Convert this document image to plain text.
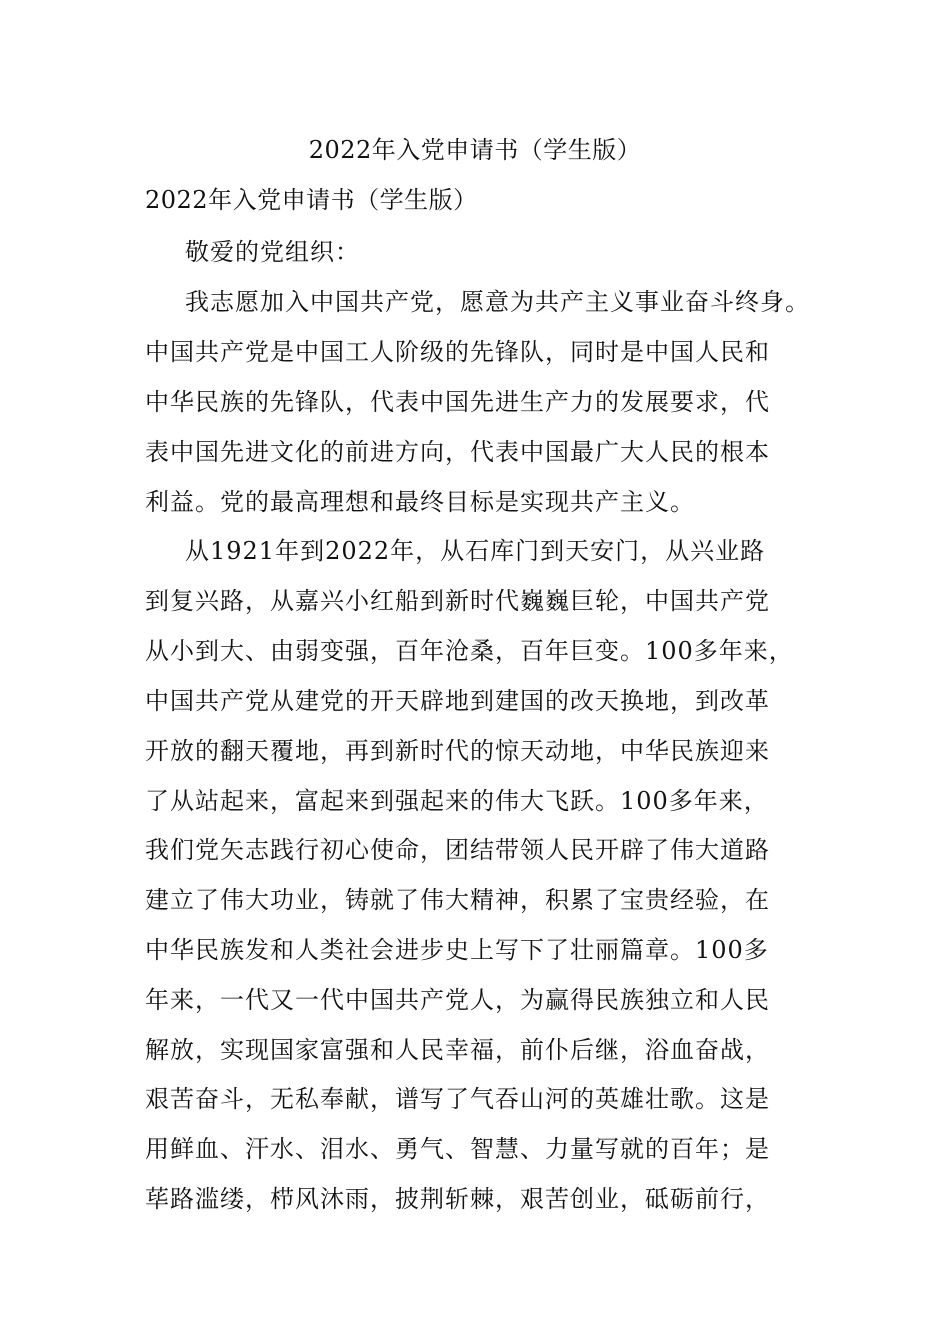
2022年入党申请书（学生版）
2022年入党申请书（学生版）
敬爱的党组织：
我志愿加入中国共产党，愿意为共产主义事业奋斗终身。
中国共产党是中国工人阶级的先锋队，同时是中国人民和
中华民族的先锋队，代表中国先进生产力的发展要求，代
表中国先进文化的前进方向，代表中国最广大人民的根本
利益。党的最高理想和最终目标是实现共产主义。
从1921年到2022年，从石库门到天安门，从兴业路
到复兴路，从嘉兴小红船到新时代巍巍巨轮，中国共产党
从小到大、由弱变强，百年沧桑，百年巨变。100多年来，
中国共产党从建党的开天辟地到建国的改天换地，到改革
开放的翻天覆地，再到新时代的惊天动地，中华民族迎来
了从站起来，富起来到强起来的伟大飞跃。100多年来，
我们党矢志践行初心使命，团结带领人民开辟了伟大道路
建立了伟大功业，铸就了伟大精神，积累了宝贵经验，在
中华民族发和人类社会进步史上写下了壮丽篇章。100多
年来，一代又一代中国共产党人，为赢得民族独立和人民
解放，实现国家富强和人民幸福，前仆后继，浴血奋战，
艰苦奋斗，无私奉献，谱写了气吞山河的英雄壮歌。这是
用鲜血、汗水、泪水、勇气、智慧、力量写就的百年；是
荜路滥缕，栉风沐雨，披荆斩棘，艰苦创业，砥砺前行，
